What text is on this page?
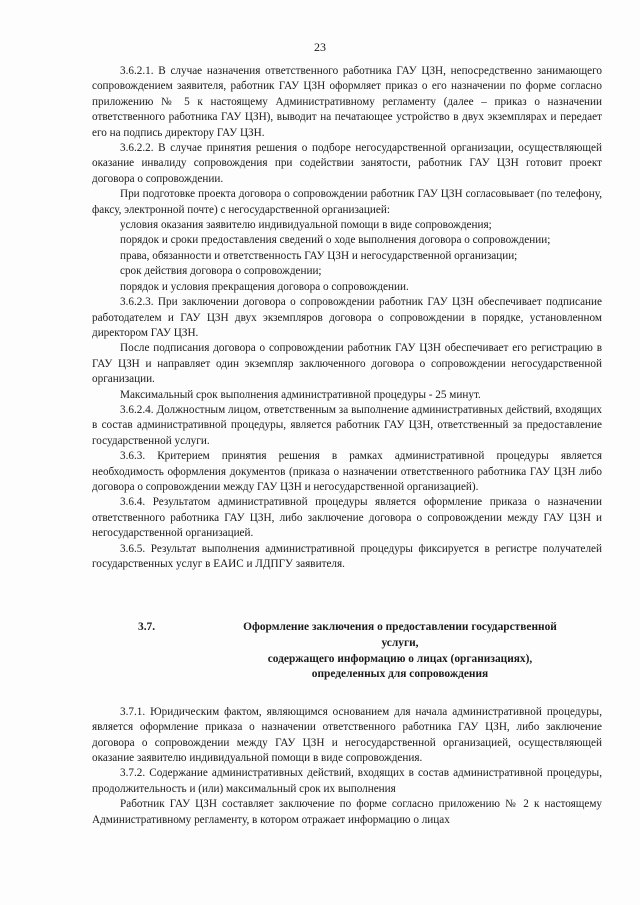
23

3.6.2.1. В случае назначения ответственного работника ГАУ ЦЗН, непосредственно занимающего сопровождением заявителя, работник ГАУ ЦЗН оформляет приказ о его назначении по форме согласно приложению № 5 к настоящему Административному регламенту (далее – приказ о назначении ответственного работника ГАУ ЦЗН), выводит на печатающее устройство в двух экземплярах и передает его на подпись директору ГАУ ЦЗН.

3.6.2.2. В случае принятия решения о подборе негосударственной организации, осуществляющей оказание инвалиду сопровождения при содействии занятости, работник ГАУ ЦЗН готовит проект договора о сопровождении.

При подготовке проекта договора о сопровождении работник ГАУ ЦЗН согласовывает (по телефону, факсу, электронной почте) с негосударственной организацией:

условия оказания заявителю индивидуальной помощи в виде сопровождения;

порядок и сроки предоставления сведений о ходе выполнения договора о сопровождении;

права, обязанности и ответственность ГАУ ЦЗН и негосударственной организации;

срок действия договора о сопровождении;

порядок и условия прекращения договора о сопровождении.

3.6.2.3. При заключении договора о сопровождении работник ГАУ ЦЗН обеспечивает подписание работодателем и ГАУ ЦЗН двух экземпляров договора о сопровождении в порядке, установленном директором ГАУ ЦЗН.

После подписания договора о сопровождении работник ГАУ ЦЗН обеспечивает его регистрацию в ГАУ ЦЗН и направляет один экземпляр заключенного договора о сопровождении негосударственной организации.

Максимальный срок выполнения административной процедуры - 25 минут.

3.6.2.4. Должностным лицом, ответственным за выполнение административных действий, входящих в состав административной процедуры, является работник ГАУ ЦЗН, ответственный за предоставление государственной услуги.

3.6.3. Критерием принятия решения в рамках административной процедуры является необходимость оформления документов (приказа о назначении ответственного работника ГАУ ЦЗН либо договора о сопровождении между ГАУ ЦЗН и негосударственной организацией).

3.6.4. Результатом административной процедуры является оформление приказа о назначении ответственного работника ГАУ ЦЗН, либо заключение договора о сопровождении между ГАУ ЦЗН и негосударственной организацией.

3.6.5. Результат выполнения административной процедуры фиксируется в регистре получателей государственных услуг в ЕАИС и ЛДПГУ заявителя.

3.7.	Оформление заключения о предоставлении государственной услуги,
содержащего информацию о лицах (организациях),
определенных для сопровождения

3.7.1. Юридическим фактом, являющимся основанием для начала административной процедуры, является оформление приказа о назначении ответственного работника ГАУ ЦЗН, либо заключение договора о сопровождении между ГАУ ЦЗН и негосударственной организацией, осуществляющей оказание заявителю индивидуальной помощи в виде сопровождения.

3.7.2. Содержание административных действий, входящих в состав административной процедуры, продолжительность и (или) максимальный срок их выполнения

Работник ГАУ ЦЗН составляет заключение по форме согласно приложению № 2 к настоящему Административному регламенту, в котором отражает информацию о лицах
